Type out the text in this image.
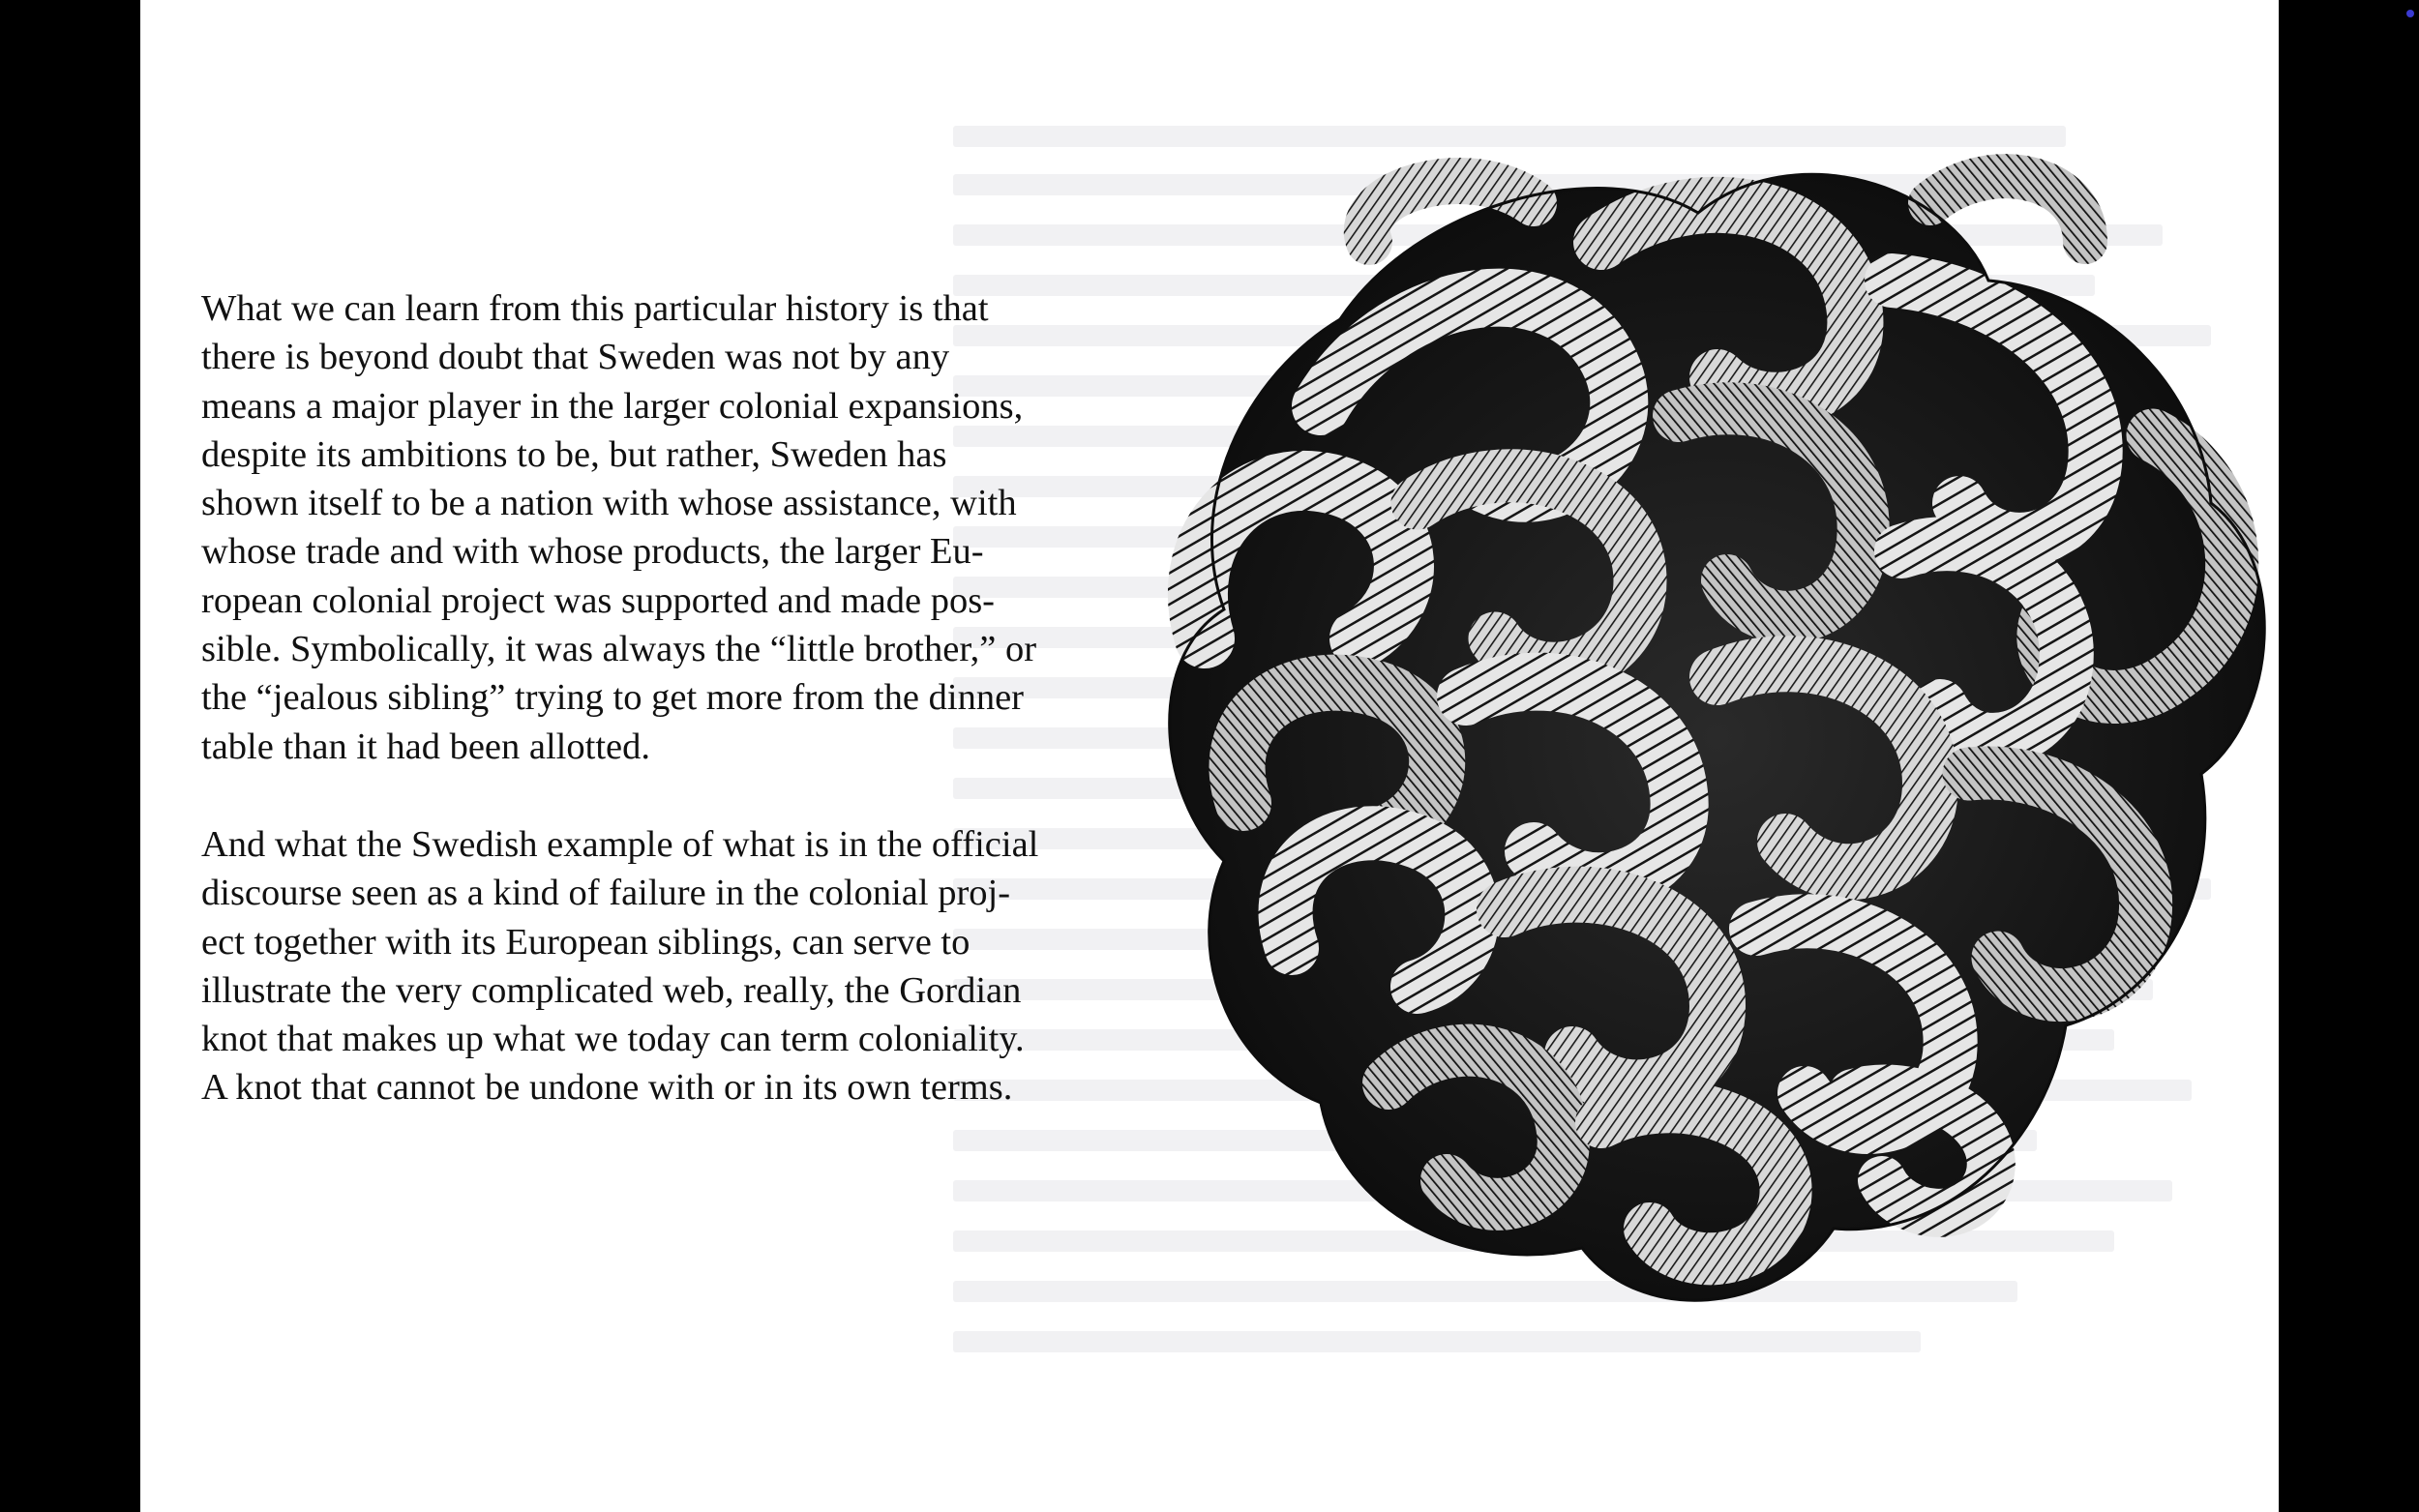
What we can learn from this particular history is that
there is beyond doubt that Sweden was not by any
means a major player in the larger colonial expansions,
despite its ambitions to be, but rather, Sweden has
shown itself to be a nation with whose assistance, with
whose trade and with whose products, the larger Eu-
ropean colonial project was supported and made pos-
sible. Symbolically, it was always the “little brother,” or
the “jealous sibling” trying to get more from the dinner
table than it had been allotted.
And what the Swedish example of what is in the official
discourse seen as a kind of failure in the colonial proj-
ect together with its European siblings, can serve to
illustrate the very complicated web, really, the Gordian
knot that makes up what we today can term coloniality.
A knot that cannot be undone with or in its own terms.
